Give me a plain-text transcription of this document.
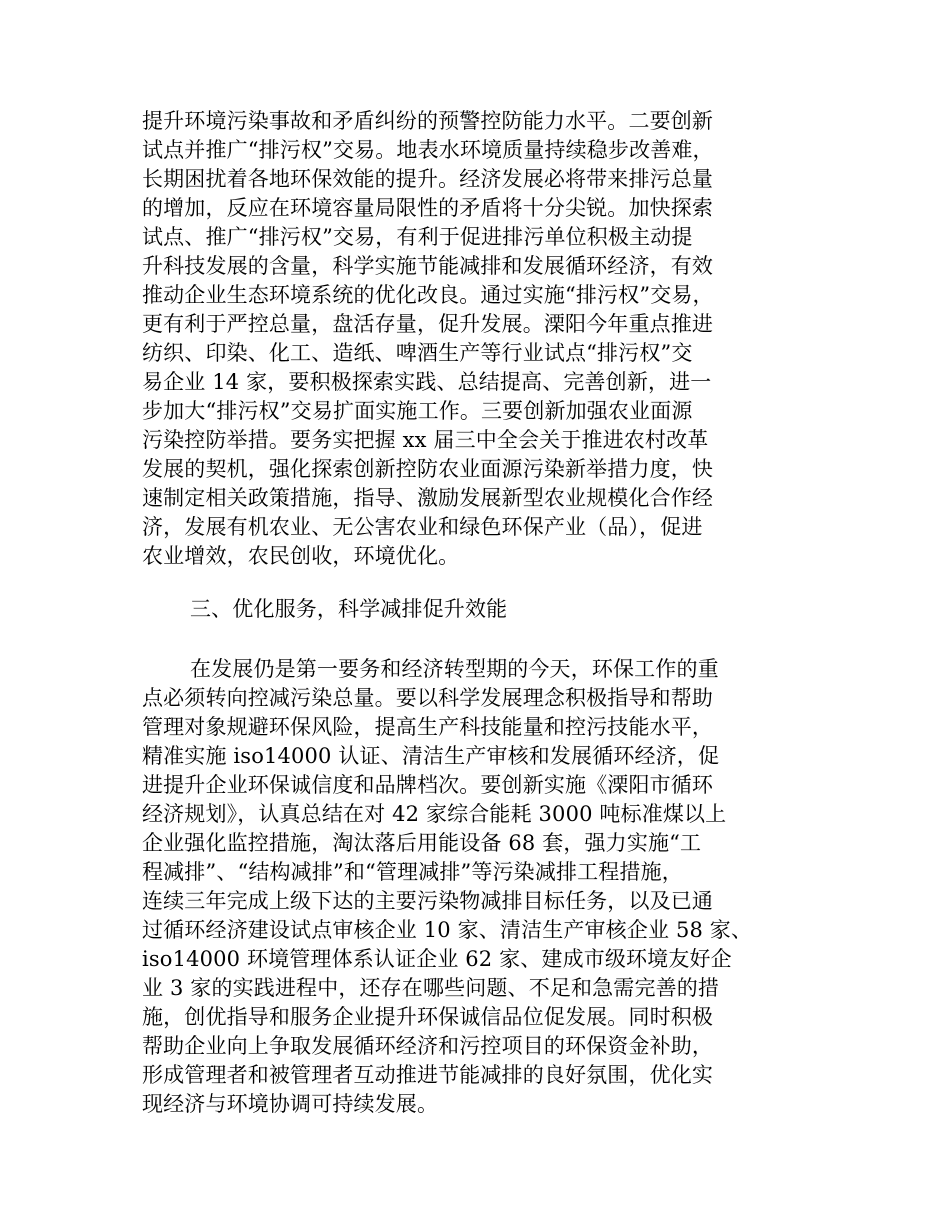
提升环境污染事故和矛盾纠纷的预警控防能力水平。二要创新
试点并推广“排污权”交易。地表水环境质量持续稳步改善难，
长期困扰着各地环保效能的提升。经济发展必将带来排污总量
的增加，反应在环境容量局限性的矛盾将十分尖锐。加快探索
试点、推广“排污权”交易，有利于促进排污单位积极主动提
升科技发展的含量，科学实施节能减排和发展循环经济，有效
推动企业生态环境系统的优化改良。通过实施“排污权”交易，
更有利于严控总量，盘活存量，促升发展。溧阳今年重点推进
纺织、印染、化工、造纸、啤酒生产等行业试点“排污权”交
易企业 14 家，要积极探索实践、总结提高、完善创新，进一
步加大“排污权”交易扩面实施工作。三要创新加强农业面源
污染控防举措。要务实把握 xx 届三中全会关于推进农村改革
发展的契机，强化探索创新控防农业面源污染新举措力度，快
速制定相关政策措施，指导、激励发展新型农业规模化合作经
济，发展有机农业、无公害农业和绿色环保产业（品），促进
农业增效，农民创收，环境优化。
三、优化服务，科学减排促升效能
在发展仍是第一要务和经济转型期的今天，环保工作的重
点必须转向控减污染总量。要以科学发展理念积极指导和帮助
管理对象规避环保风险，提高生产科技能量和控污技能水平，
精准实施 iso14000 认证、清洁生产审核和发展循环经济，促
进提升企业环保诚信度和品牌档次。要创新实施《溧阳市循环
经济规划》，认真总结在对 42 家综合能耗 3000 吨标准煤以上
企业强化监控措施，淘汰落后用能设备 68 套，强力实施“工
程减排”、“结构减排”和“管理减排”等污染减排工程措施，
连续三年完成上级下达的主要污染物减排目标任务，以及已通
过循环经济建设试点审核企业 10 家、清洁生产审核企业 58 家、
iso14000 环境管理体系认证企业 62 家、建成市级环境友好企
业 3 家的实践进程中，还存在哪些问题、不足和急需完善的措
施，创优指导和服务企业提升环保诚信品位促发展。同时积极
帮助企业向上争取发展循环经济和污控项目的环保资金补助，
形成管理者和被管理者互动推进节能减排的良好氛围，优化实
现经济与环境协调可持续发展。
